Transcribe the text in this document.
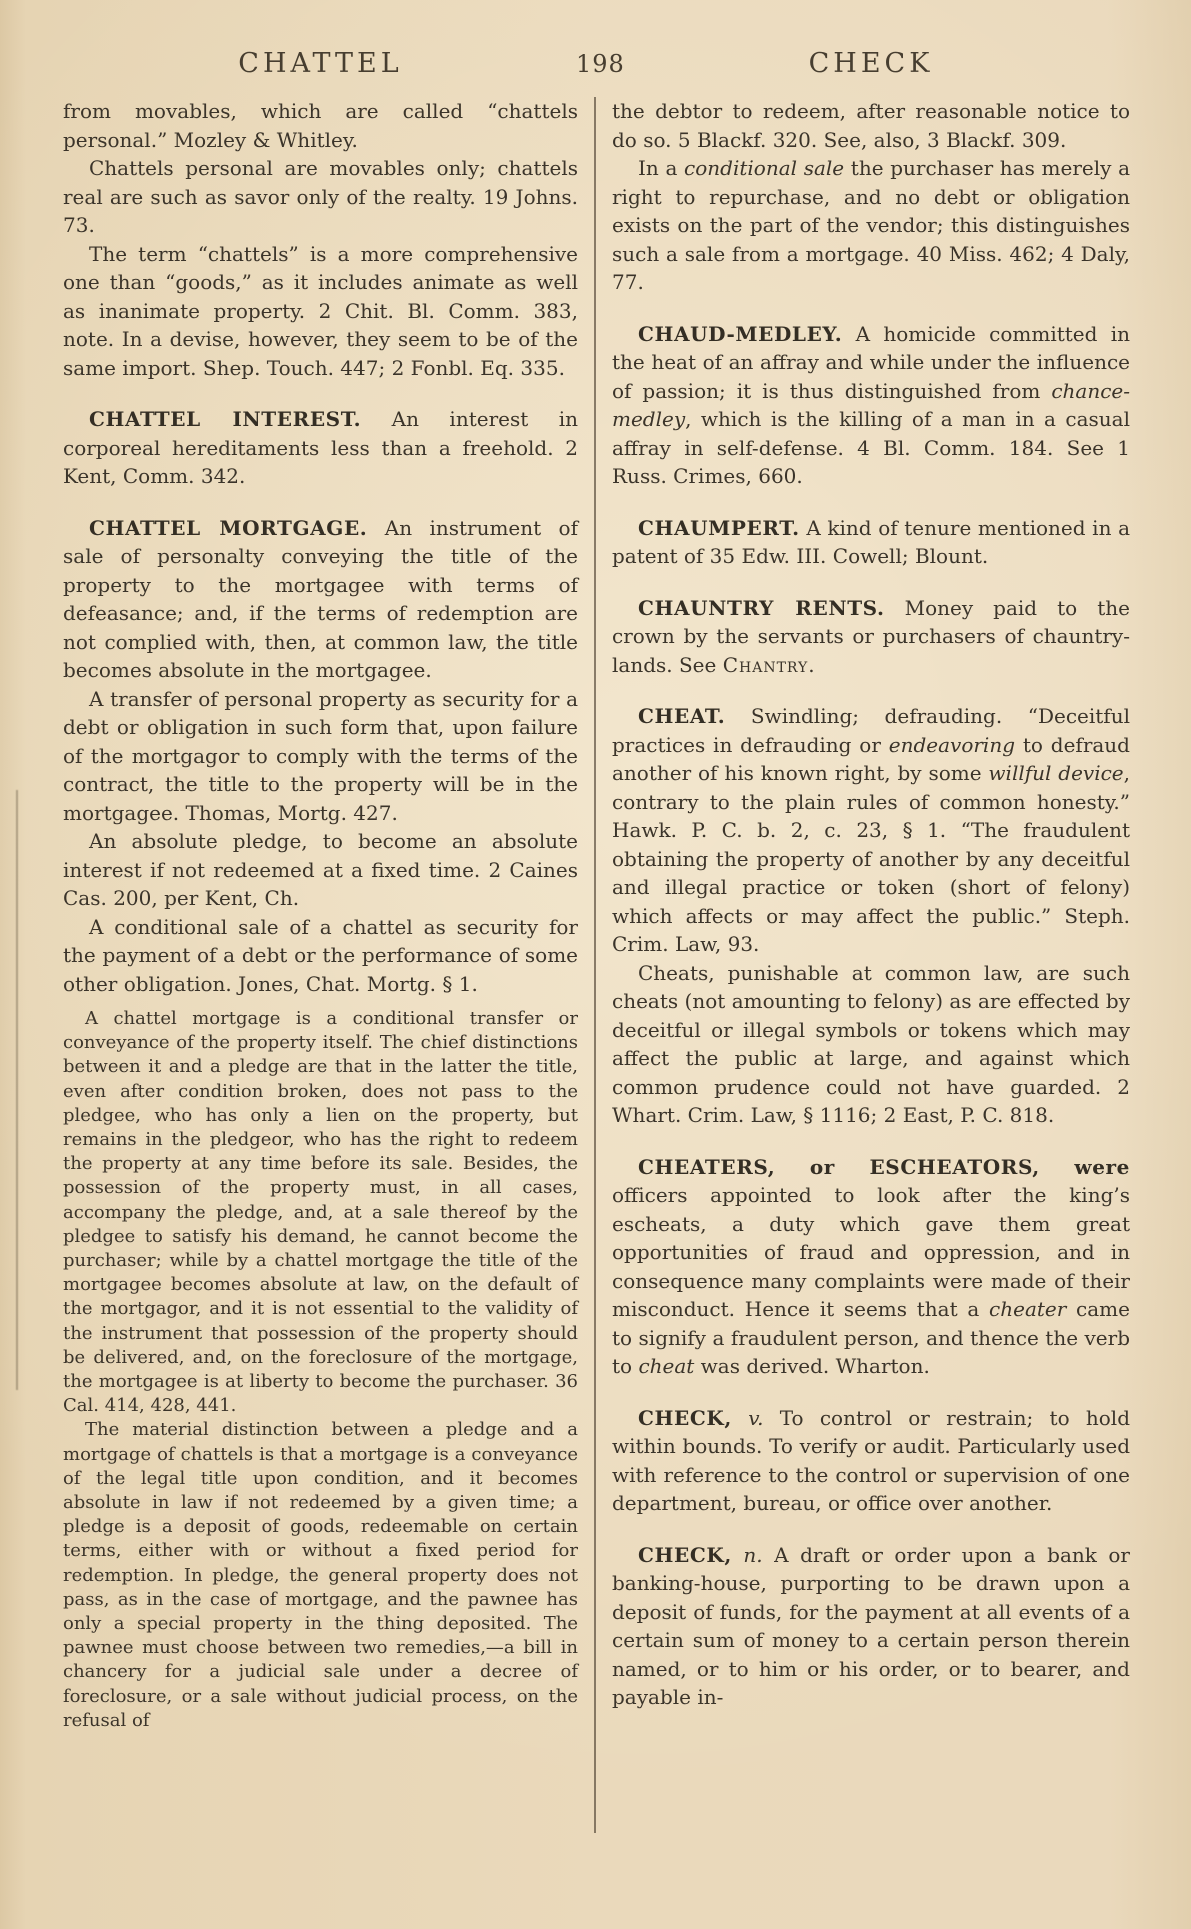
CHATTEL	198	CHECK

from movables, which are called “chattels personal.” Mozley & Whitley.

Chattels personal are movables only; chattels real are such as savor only of the realty. 19 Johns. 73.

The term “chattels” is a more comprehensive one than “goods,” as it includes animate as well as inanimate property. 2 Chit. Bl. Comm. 383, note. In a devise, however, they seem to be of the same import. Shep. Touch. 447; 2 Fonbl. Eq. 335.

CHATTEL INTEREST. An interest in corporeal hereditaments less than a freehold. 2 Kent, Comm. 342.

CHATTEL MORTGAGE. An instrument of sale of personalty conveying the title of the property to the mortgagee with terms of defeasance; and, if the terms of redemption are not complied with, then, at common law, the title becomes absolute in the mortgagee.

A transfer of personal property as security for a debt or obligation in such form that, upon failure of the mortgagor to comply with the terms of the contract, the title to the property will be in the mortgagee. Thomas, Mortg. 427.

An absolute pledge, to become an absolute interest if not redeemed at a fixed time. 2 Caines Cas. 200, per Kent, Ch.

A conditional sale of a chattel as security for the payment of a debt or the performance of some other obligation. Jones, Chat. Mortg. § 1.

A chattel mortgage is a conditional transfer or conveyance of the property itself. The chief distinctions between it and a pledge are that in the latter the title, even after condition broken, does not pass to the pledgee, who has only a lien on the property, but remains in the pledgeor, who has the right to redeem the property at any time before its sale. Besides, the possession of the property must, in all cases, accompany the pledge, and, at a sale thereof by the pledgee to satisfy his demand, he cannot become the purchaser; while by a chattel mortgage the title of the mortgagee becomes absolute at law, on the default of the mortgagor, and it is not essential to the validity of the instrument that possession of the property should be delivered, and, on the foreclosure of the mortgage, the mortgagee is at liberty to become the purchaser. 36 Cal. 414, 428, 441.

The material distinction between a pledge and a mortgage of chattels is that a mortgage is a conveyance of the legal title upon condition, and it becomes absolute in law if not redeemed by a given time; a pledge is a deposit of goods, redeemable on certain terms, either with or without a fixed period for redemption. In pledge, the general property does not pass, as in the case of mortgage, and the pawnee has only a special property in the thing deposited. The pawnee must choose between two remedies,—a bill in chancery for a judicial sale under a decree of foreclosure, or a sale without judicial process, on the refusal of

the debtor to redeem, after reasonable notice to do so. 5 Blackf. 320. See, also, 3 Blackf. 309.

In a conditional sale the purchaser has merely a right to repurchase, and no debt or obligation exists on the part of the vendor; this distinguishes such a sale from a mortgage. 40 Miss. 462; 4 Daly, 77.

CHAUD-MEDLEY. A homicide committed in the heat of an affray and while under the influence of passion; it is thus distinguished from chance-medley, which is the killing of a man in a casual affray in self-defense. 4 Bl. Comm. 184. See 1 Russ. Crimes, 660.

CHAUMPERT. A kind of tenure mentioned in a patent of 35 Edw. III. Cowell; Blount.

CHAUNTRY RENTS. Money paid to the crown by the servants or purchasers of chauntry-lands. See Chantry.

CHEAT. Swindling; defrauding. “Deceitful practices in defrauding or endeavoring to defraud another of his known right, by some willful device, contrary to the plain rules of common honesty.” Hawk. P. C. b. 2, c. 23, § 1. “The fraudulent obtaining the property of another by any deceitful and illegal practice or token (short of felony) which affects or may affect the public.” Steph. Crim. Law, 93.

Cheats, punishable at common law, are such cheats (not amounting to felony) as are effected by deceitful or illegal symbols or tokens which may affect the public at large, and against which common prudence could not have guarded. 2 Whart. Crim. Law, § 1116; 2 East, P. C. 818.

CHEATERS, or ESCHEATORS, were officers appointed to look after the king’s escheats, a duty which gave them great opportunities of fraud and oppression, and in consequence many complaints were made of their misconduct. Hence it seems that a cheater came to signify a fraudulent person, and thence the verb to cheat was derived. Wharton.

CHECK, v. To control or restrain; to hold within bounds. To verify or audit. Particularly used with reference to the control or supervision of one department, bureau, or office over another.

CHECK, n. A draft or order upon a bank or banking-house, purporting to be drawn upon a deposit of funds, for the payment at all events of a certain sum of money to a certain person therein named, or to him or his order, or to bearer, and payable in-
